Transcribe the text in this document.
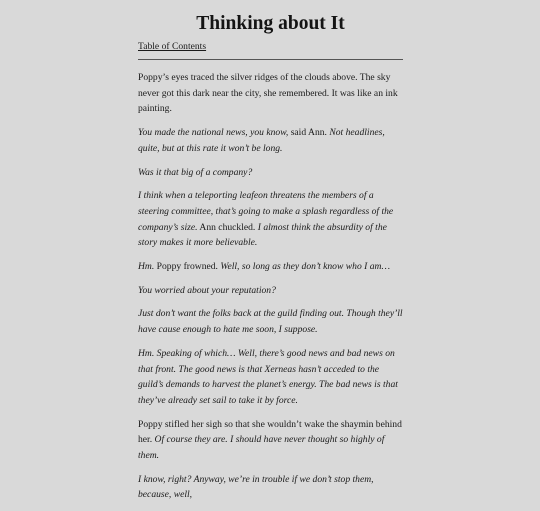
Thinking about It
Table of Contents

Poppy’s eyes traced the silver ridges of the clouds above. The sky never got this dark near the city, she remembered. It was like an ink painting.

You made the national news, you know, said Ann. Not headlines, quite, but at this rate it won’t be long.

Was it that big of a company?

I think when a teleporting leafeon threatens the members of a steering committee, that’s going to make a splash regardless of the company’s size. Ann chuckled. I almost think the absurdity of the story makes it more believable.

Hm. Poppy frowned. Well, so long as they don’t know who I am…

You worried about your reputation?

Just don’t want the folks back at the guild finding out. Though they’ll have cause enough to hate me soon, I suppose.

Hm. Speaking of which… Well, there’s good news and bad news on that front. The good news is that Xerneas hasn’t acceded to the guild’s demands to harvest the planet’s energy. The bad news is that they’ve already set sail to take it by force.

Poppy stifled her sigh so that she wouldn’t wake the shaymin behind her. Of course they are. I should have never thought so highly of them.

I know, right? Anyway, we’re in trouble if we don’t stop them, because, well,
